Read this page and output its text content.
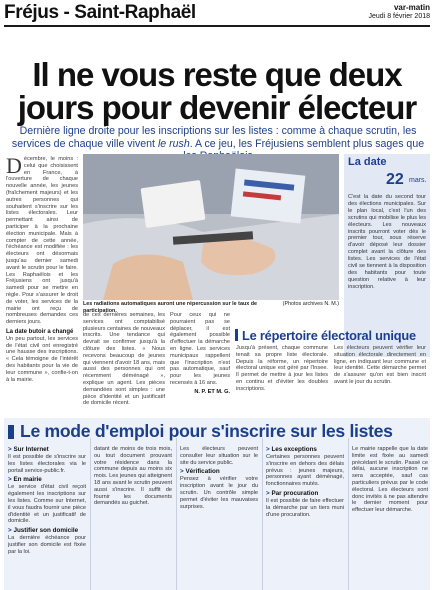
Fréjus - Saint-Raphaël	var-matin
Jeudi 8 février 2018
Il ne vous reste que deux
jours pour devenir électeur
Dernière ligne droite pour les inscriptions sur les listes : comme à chaque scrutin, les services de chaque ville vivent le rush. A ce jeu, les Fréjusiens semblent plus sages que
Décembre, le moins : celui que choisissent en France, à l'ouverture de chaque nouvelle année, les jeunes (fraîchement majeurs) et les autres personnes qui souhaitent s'inscrire sur les listes électorales. Leur permettant ainsi de participer à la prochaine élection municipale. Mais à compter de cette année, l'échéance est modifiée : les électeurs ont désormais jusqu'au dernier samedi avant le scrutin pour le faire. Les Raphaëlois et les Fréjusiens ont jusqu'à samedi pour se mettre en règle. Pour s'assurer le droit de voter, les services de la mairie ont reçu de nombreuses demandes ces derniers jours.
La date butoir a changé
Un peu partout, les services de l'état civil ont enregistré une hausse des inscriptions. « Cela témoigne de l'intérêt des habitants pour la vie de leur commune », confie-t-on à la mairie.
(Photos archives N. M.)
Les radiations automatiques auront une répercussion sur le taux de participation.
de ces dernières semaines, les services ont comptabilisé plusieurs centaines de nouveaux inscrits. Une tendance qui devrait se confirmer jusqu'à la clôture des listes. « Nous recevons beaucoup de jeunes qui viennent d'avoir 18 ans, mais aussi des personnes qui ont récemment déménagé », explique un agent. Les pièces demandées sont simples : une pièce d'identité et un justificatif de domicile récent.
Pour ceux qui ne pourraient pas se déplacer, il est également possible d'effectuer la démarche en ligne. Les services municipaux rappellent que l'inscription n'est pas automatique, sauf pour les jeunes recensés à 16 ans.
N. P. ET M. G.
La date
22 mars.
C'est la date du second tour des élections municipales. Sur le plan local, c'est l'un des scrutins qui mobilise le plus les électeurs. Les nouveaux inscrits pourront voter dès le premier tour, sous réserve d'avoir déposé leur dossier complet avant la clôture des listes. Les services de l'état civil se tiennent à la disposition des habitants pour toute question relative à leur inscription.
Le répertoire électoral unique
Jusqu'à présent, chaque commune tenait sa propre liste électorale. Depuis la réforme, un répertoire électoral unique est géré par l'Insee. Il permet de mettre à jour les listes en continu et d'éviter les doubles inscriptions.
Les électeurs peuvent vérifier leur situation électorale directement en ligne, en indiquant leur commune et leur identité. Cette démarche permet de s'assurer qu'on est bien inscrit avant le jour du scrutin.
Le mode d'emploi pour s'inscrire sur les listes
> Sur Internet
Il est possible de s'inscrire sur les listes électorales via le portail service-public.fr.
> En mairie
Le service d'état civil reçoit également les inscriptions sur les listes. Comme sur Internet, il vous faudra fournir une pièce d'identité et un justificatif de domicile.
> Justifier son domicile
La dernière échéance pour justifier son domicile est fixée par la loi.
datant de moins de trois mois, ou tout document prouvant votre résidence dans la commune depuis au moins six mois. Les jeunes qui atteignent 18 ans avant le scrutin peuvent aussi s'inscrire. Il suffit de fournir les documents demandés au guichet.
Les électeurs peuvent consulter leur situation sur le site du service public.
> Vérification
Pensez à vérifier votre inscription avant le jour du scrutin. Un contrôle simple permet d'éviter les mauvaises surprises.
> Les exceptions
Certaines personnes peuvent s'inscrire en dehors des délais prévus : jeunes majeurs, personnes ayant déménagé, fonctionnaires mutés.
> Par procuration
Il est possible de faire effectuer la démarche par un tiers muni d'une procuration.
Le mairie rappelle que la date limite est fixée au samedi précédant le scrutin. Passé ce délai, aucune inscription ne sera acceptée, sauf cas particuliers prévus par le code électoral. Les électeurs sont donc invités à ne pas attendre le dernier moment pour effectuer leur démarche.
